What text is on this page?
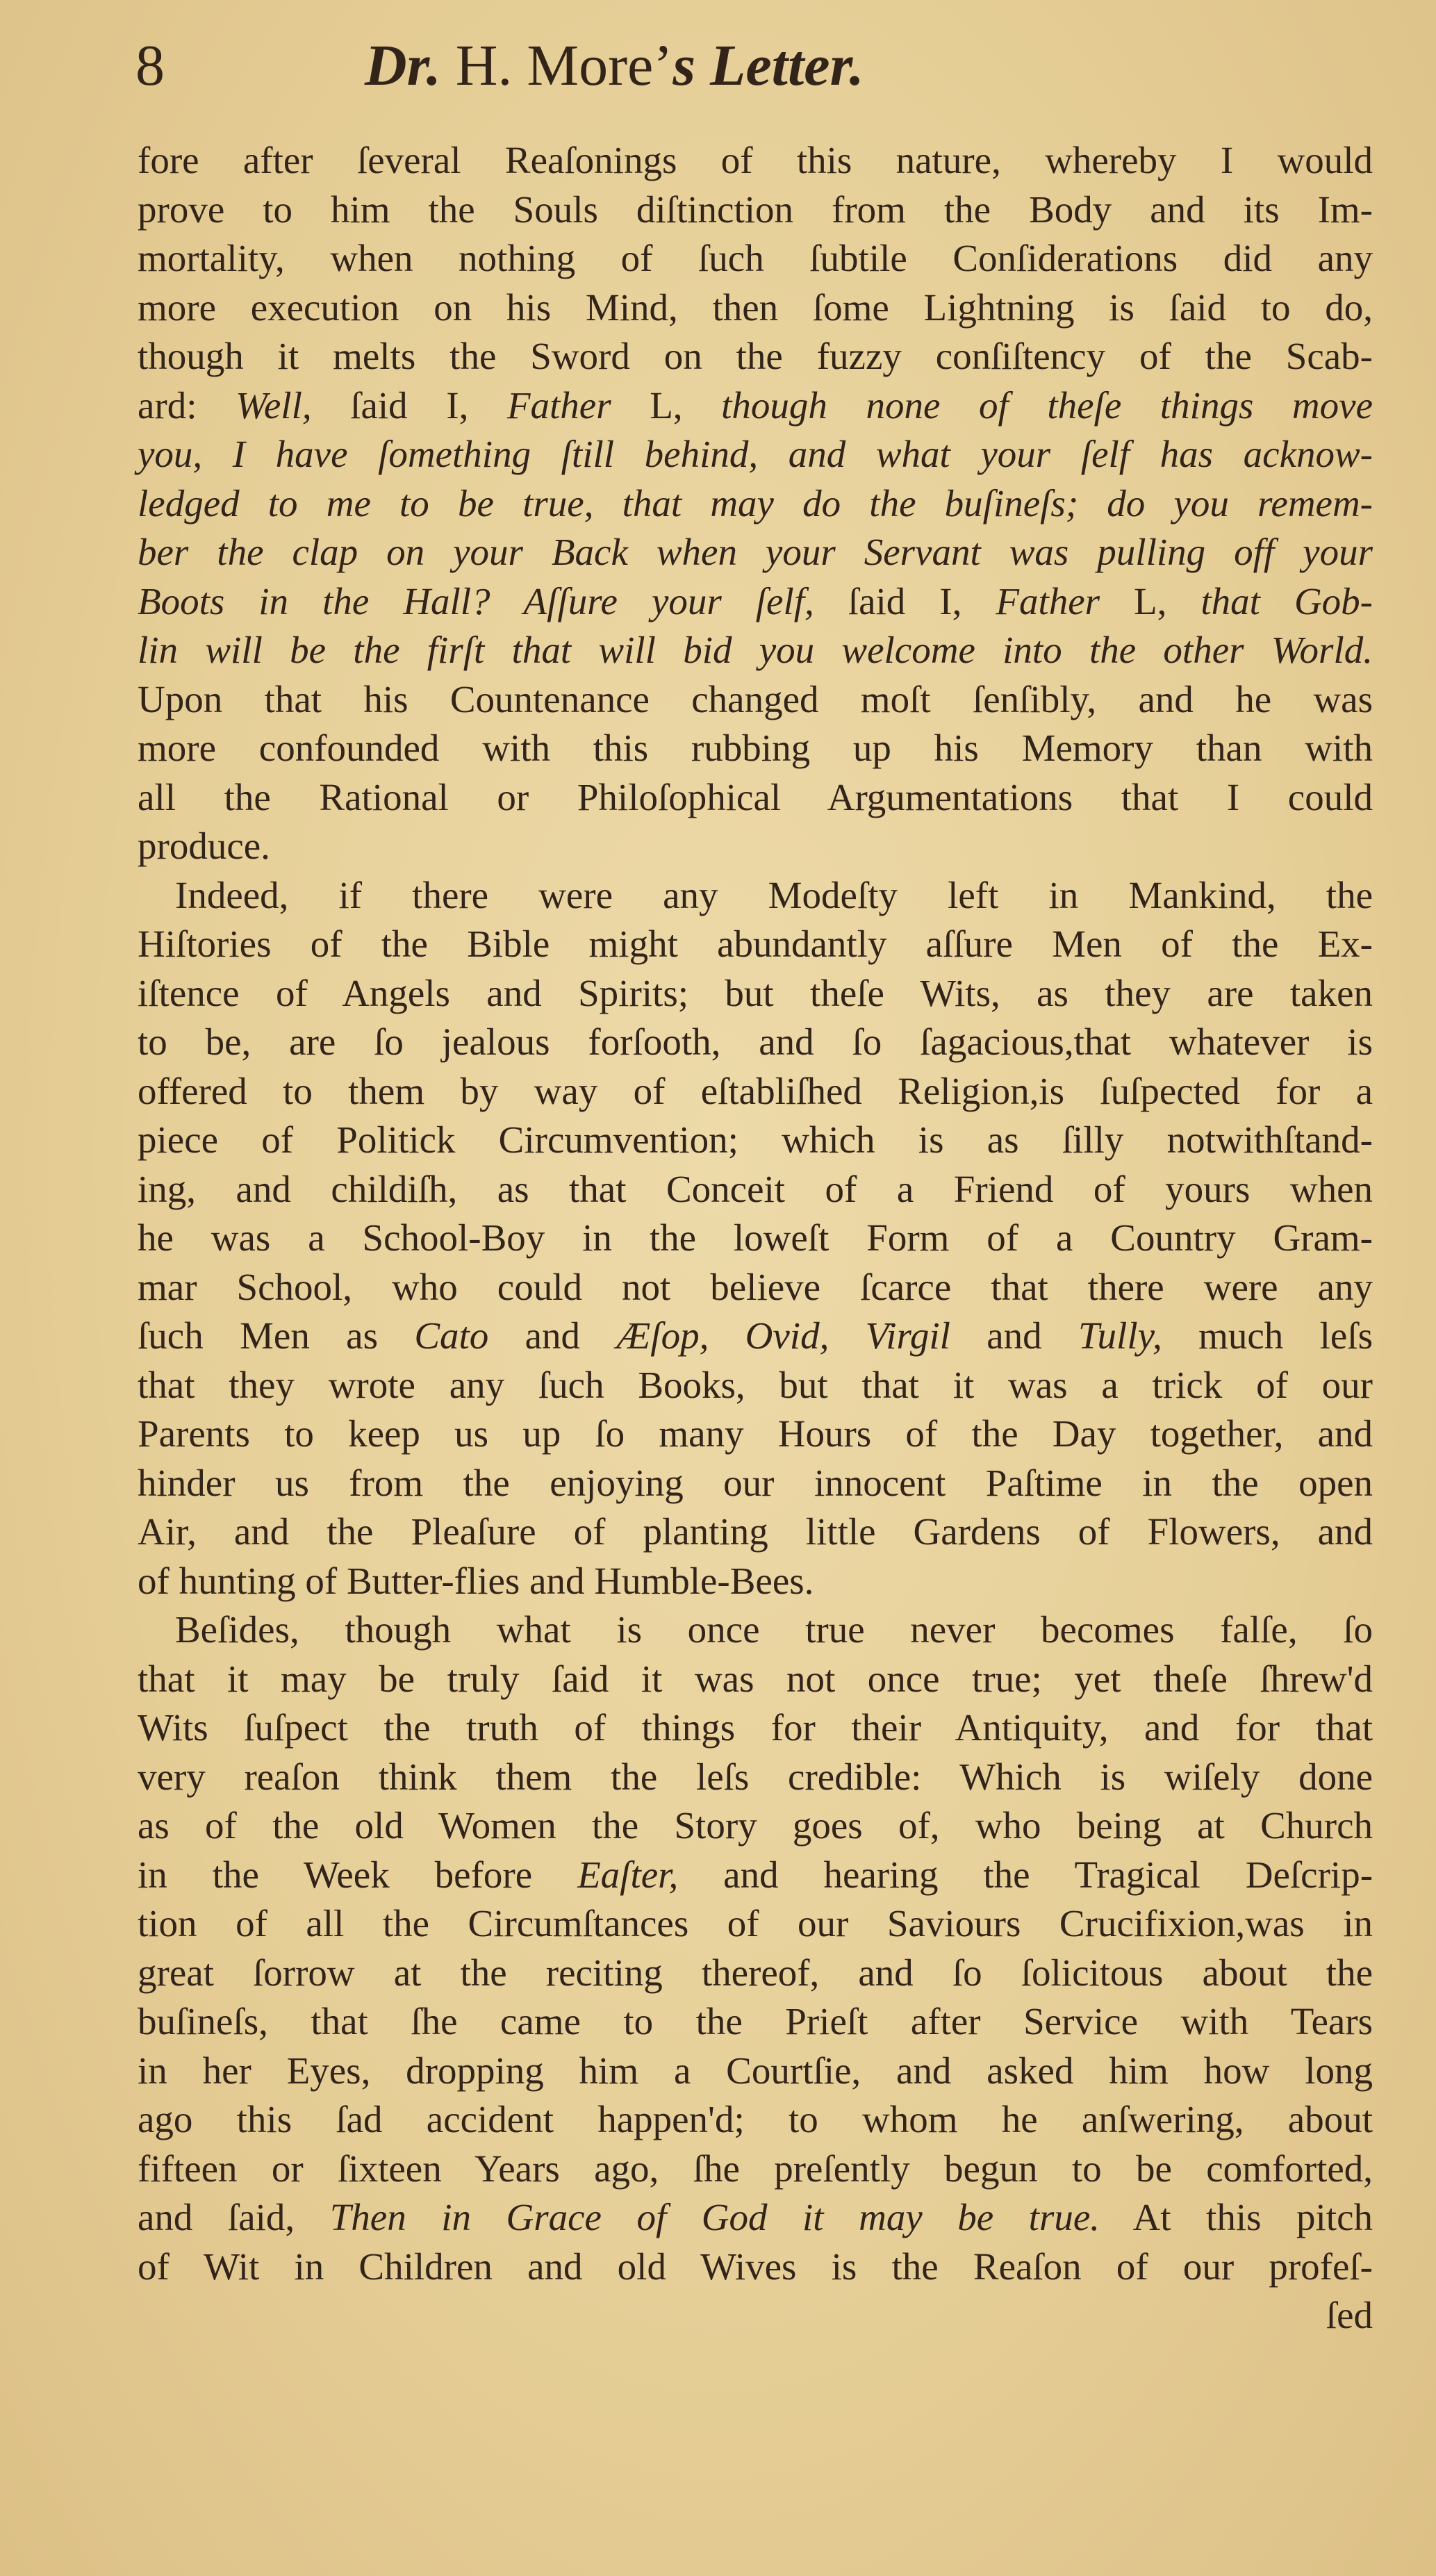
8	Dr. H. More’s Letter.
fore after ſeveral Reaſonings of this nature, whereby I would
prove to him the Souls diſtinction from the Body and its Im-
mortality, when nothing of ſuch ſubtile Conſiderations did any
more execution on his Mind, then ſome Lightning is ſaid to do,
though it melts the Sword on the fuzzy conſiſtency of the Scab-
ard: Well, ſaid I, Father L, though none of theſe things move
you, I have ſomething ſtill behind, and what your ſelf has acknow-
ledged to me to be true, that may do the buſineſs; do you remem-
ber the clap on your Back when your Servant was pulling off your
Boots in the Hall? Aſſure your ſelf, ſaid I, Father L, that Gob-
lin will be the firſt that will bid you welcome into the other World.
Upon that his Countenance changed moſt ſenſibly, and he was
more confounded with this rubbing up his Memory than with
all the Rational or Philoſophical Argumentations that I could
produce.
Indeed, if there were any Modeſty left in Mankind, the
Hiſtories of the Bible might abundantly aſſure Men of the Ex-
iſtence of Angels and Spirits; but theſe Wits, as they are taken
to be, are ſo jealous forſooth, and ſo ſagacious,that whatever is
offered to them by way of eſtabliſhed Religion,is ſuſpected for a
piece of Politick Circumvention; which is as ſilly notwithſtand-
ing, and childiſh, as that Conceit of a Friend of yours when
he was a School-Boy in the loweſt Form of a Country Gram-
mar School, who could not believe ſcarce that there were any
ſuch Men as Cato and Æſop, Ovid, Virgil and Tully, much leſs
that they wrote any ſuch Books, but that it was a trick of our
Parents to keep us up ſo many Hours of the Day together, and
hinder us from the enjoying our innocent Paſtime in the open
Air, and the Pleaſure of planting little Gardens of Flowers, and
of hunting of Butter-flies and Humble-Bees.
Beſides, though what is once true never becomes falſe, ſo
that it may be truly ſaid it was not once true; yet theſe ſhrew'd
Wits ſuſpect the truth of things for their Antiquity, and for that
very reaſon think them the leſs credible: Which is wiſely done
as of the old Women the Story goes of, who being at Church
in the Week before Eaſter, and hearing the Tragical Deſcrip-
tion of all the Circumſtances of our Saviours Crucifixion,was in
great ſorrow at the reciting thereof, and ſo ſolicitous about the
buſineſs, that ſhe came to the Prieſt after Service with Tears
in her Eyes, dropping him a Courtſie, and asked him how long
ago this ſad accident happen'd; to whom he anſwering, about
fifteen or ſixteen Years ago, ſhe preſently begun to be comforted,
and ſaid, Then in Grace of God it may be true. At this pitch
of Wit in Children and old Wives is the Reaſon of our profeſ-
ſed
